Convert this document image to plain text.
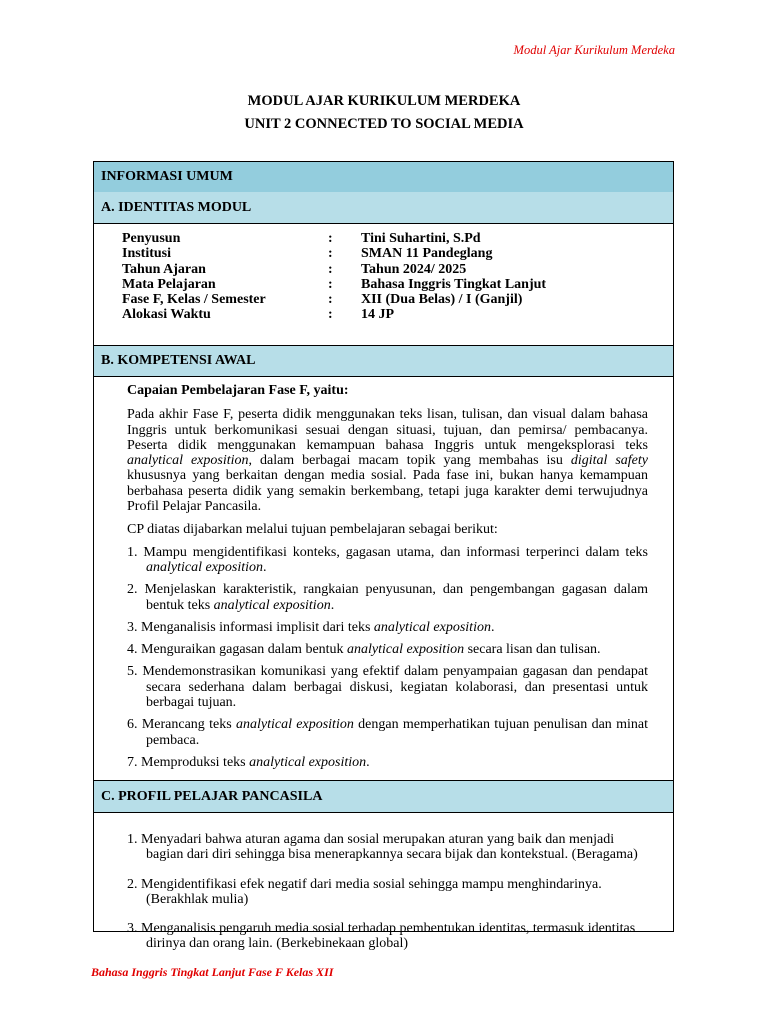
Modul Ajar Kurikulum Merdeka
MODUL AJAR KURIKULUM MERDEKA
UNIT 2 CONNECTED TO SOCIAL MEDIA
INFORMASI UMUM
A. IDENTITAS MODUL
Penyusun	:	Tini Suhartini, S.Pd
Institusi	:	SMAN 11 Pandeglang
Tahun Ajaran	:	Tahun 2024/ 2025
Mata Pelajaran	:	Bahasa Inggris Tingkat Lanjut
Fase F, Kelas / Semester	:	XII (Dua Belas) / I (Ganjil)
Alokasi Waktu	:	14 JP
B. KOMPETENSI AWAL

Capaian Pembelajaran Fase F, yaitu:

Pada akhir Fase F, peserta didik menggunakan teks lisan, tulisan, dan visual dalam bahasa Inggris untuk berkomunikasi sesuai dengan situasi, tujuan, dan pemirsa/ pembacanya. Peserta didik menggunakan kemampuan bahasa Inggris untuk mengeksplorasi teks analytical exposition, dalam berbagai macam topik yang membahas isu digital safety khususnya yang berkaitan dengan media sosial. Pada fase ini, bukan hanya kemampuan berbahasa peserta didik yang semakin berkembang, tetapi juga karakter demi terwujudnya Profil Pelajar Pancasila.

CP diatas dijabarkan melalui tujuan pembelajaran sebagai berikut:

1. Mampu mengidentifikasi konteks, gagasan utama, dan informasi terperinci dalam teks analytical exposition.

2. Menjelaskan karakteristik, rangkaian penyusunan, dan pengembangan gagasan dalam bentuk teks analytical exposition.

3. Menganalisis informasi implisit dari teks analytical exposition.

4. Menguraikan gagasan dalam bentuk analytical exposition secara lisan dan tulisan.

5. Mendemonstrasikan komunikasi yang efektif dalam penyampaian gagasan dan pendapat secara sederhana dalam berbagai diskusi, kegiatan kolaborasi, dan presentasi untuk berbagai tujuan.

6. Merancang teks analytical exposition dengan memperhatikan tujuan penulisan dan minat pembaca.

7. Memproduksi teks analytical exposition.

C. PROFIL PELAJAR PANCASILA

1. Menyadari bahwa aturan agama dan sosial merupakan aturan yang baik dan menjadi bagian dari diri sehingga bisa menerapkannya secara bijak dan kontekstual. (Beragama)

2. Mengidentifikasi efek negatif dari media sosial sehingga mampu menghindarinya. (Berakhlak mulia)

3. Menganalisis pengaruh media sosial terhadap pembentukan identitas, termasuk identitas dirinya dan orang lain. (Berkebinekaan global)

Bahasa Inggris Tingkat Lanjut Fase F Kelas XII
